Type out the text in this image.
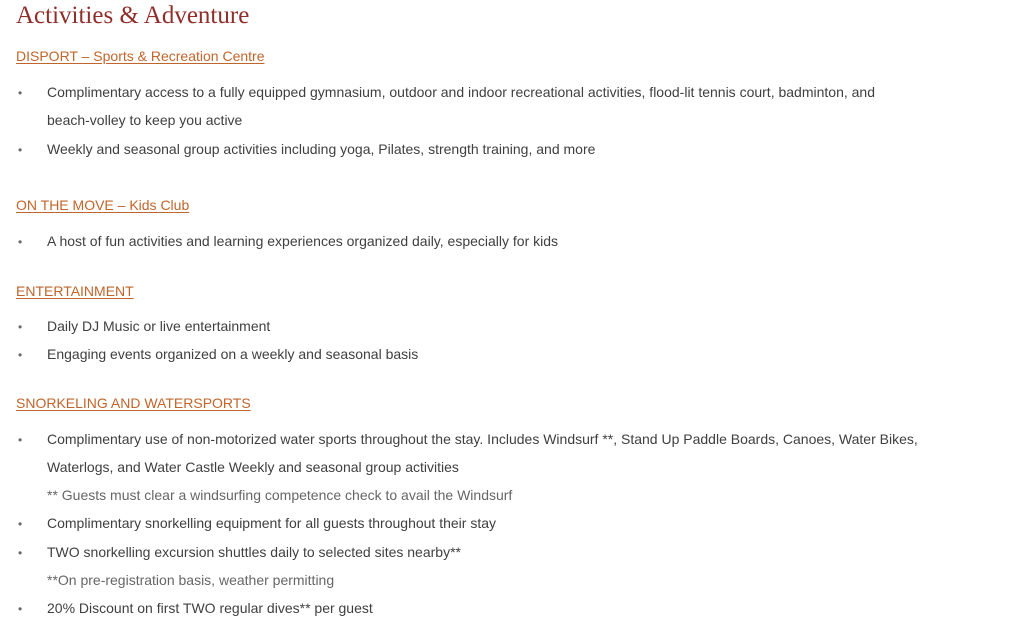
Activities & Adventure
DISPORT – Sports & Recreation Centre
• Complimentary access to a fully equipped gymnasium, outdoor and indoor recreational activities, flood-lit tennis court, badminton, and
beach-volley to keep you active
• Weekly and seasonal group activities including yoga, Pilates, strength training, and more
ON THE MOVE – Kids Club
• A host of fun activities and learning experiences organized daily, especially for kids
ENTERTAINMENT
• Daily DJ Music or live entertainment
• Engaging events organized on a weekly and seasonal basis
SNORKELING AND WATERSPORTS
• Complimentary use of non-motorized water sports throughout the stay. Includes Windsurf **, Stand Up Paddle Boards, Canoes, Water Bikes,
Waterlogs, and Water Castle Weekly and seasonal group activities
** Guests must clear a windsurfing competence check to avail the Windsurf
• Complimentary snorkelling equipment for all guests throughout their stay
• TWO snorkelling excursion shuttles daily to selected sites nearby**
**On pre-registration basis, weather permitting
• 20% Discount on first TWO regular dives** per guest
